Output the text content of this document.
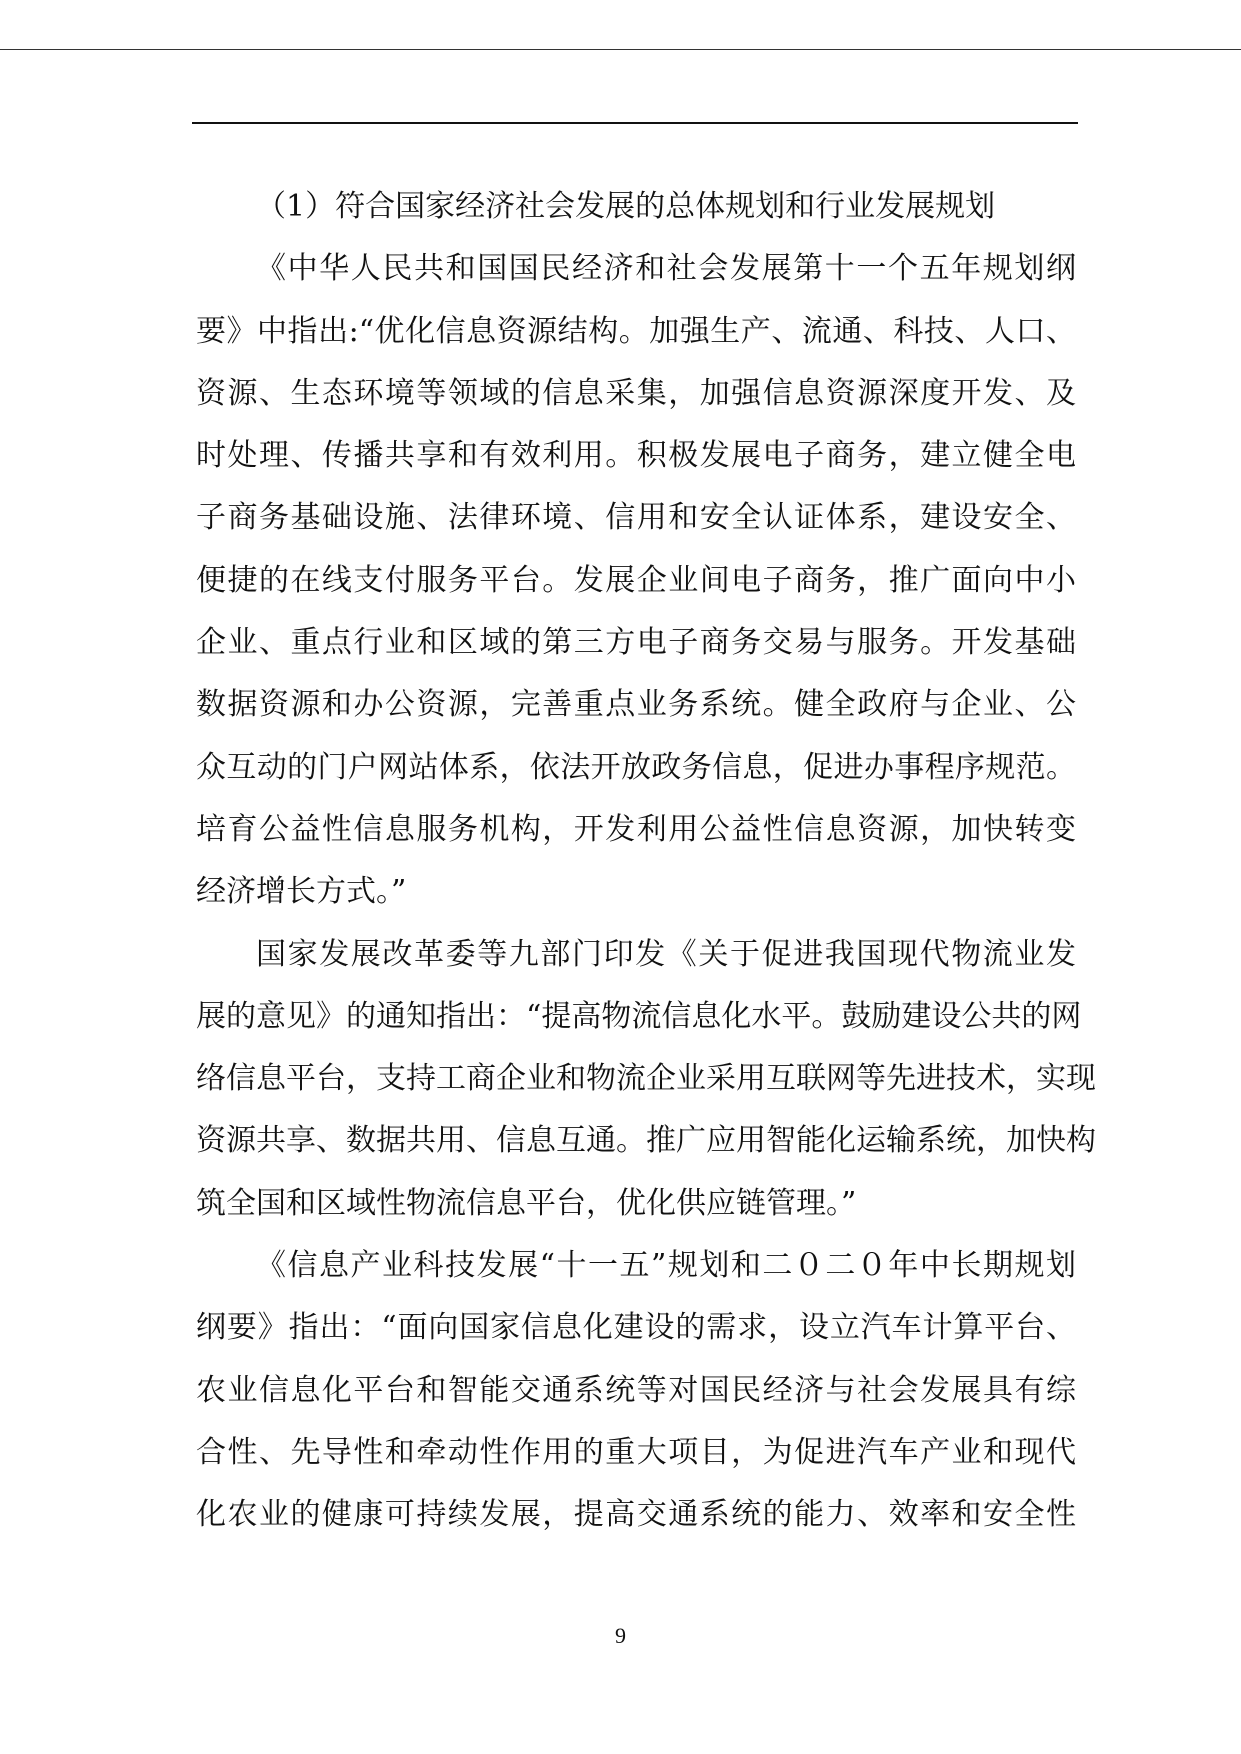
（1）符合国家经济社会发展的总体规划和行业发展规划
《中华人民共和国国民经济和社会发展第十一个五年规划纲
要》中指出:“优化信息资源结构。加强生产、流通、科技、人口、
资源、生态环境等领域的信息采集，加强信息资源深度开发、及
时处理、传播共享和有效利用。积极发展电子商务，建立健全电
子商务基础设施、法律环境、信用和安全认证体系，建设安全、
便捷的在线支付服务平台。发展企业间电子商务，推广面向中小
企业、重点行业和区域的第三方电子商务交易与服务。开发基础
数据资源和办公资源，完善重点业务系统。健全政府与企业、公
众互动的门户网站体系，依法开放政务信息，促进办事程序规范。
培育公益性信息服务机构，开发利用公益性信息资源，加快转变
经济增长方式。”
国家发展改革委等九部门印发《关于促进我国现代物流业发
展的意见》的通知指出：“提高物流信息化水平。鼓励建设公共的网
络信息平台，支持工商企业和物流企业采用互联网等先进技术，实现
资源共享、数据共用、信息互通。推广应用智能化运输系统，加快构
筑全国和区域性物流信息平台，优化供应链管理。”
《信息产业科技发展“十一五”规划和二０二０年中长期规划
纲要》指出：“面向国家信息化建设的需求，设立汽车计算平台、
农业信息化平台和智能交通系统等对国民经济与社会发展具有综
合性、先导性和牵动性作用的重大项目，为促进汽车产业和现代
化农业的健康可持续发展，提高交通系统的能力、效率和安全性
9
